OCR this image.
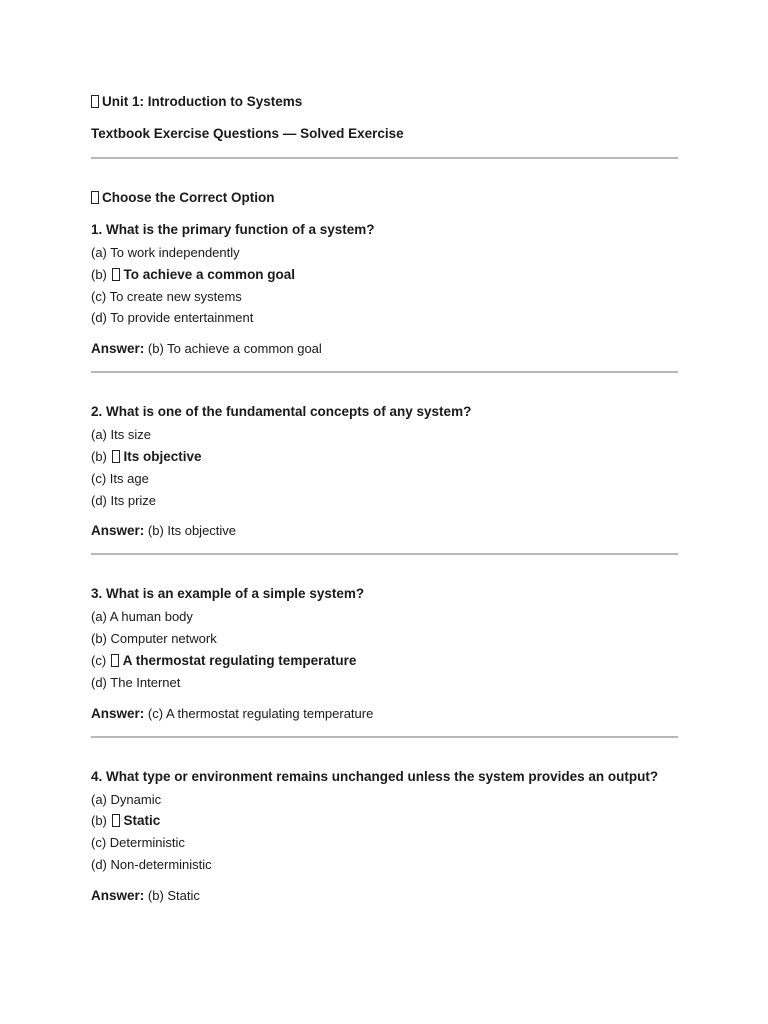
Unit 1: Introduction to Systems

Textbook Exercise Questions — Solved Exercise

Choose the Correct Option

1. What is the primary function of a system?

(a) To work independently

(b) To achieve a common goal

(c) To create new systems

(d) To provide entertainment

Answer: (b) To achieve a common goal

2. What is one of the fundamental concepts of any system?

(a) Its size

(b) Its objective

(c) Its age

(d) Its prize

Answer: (b) Its objective

3. What is an example of a simple system?

(a) A human body

(b) Computer network

(c) A thermostat regulating temperature

(d) The Internet

Answer: (c) A thermostat regulating temperature

4. What type or environment remains unchanged unless the system provides an output?

(a) Dynamic

(b) Static

(c) Deterministic

(d) Non-deterministic

Answer: (b) Static
